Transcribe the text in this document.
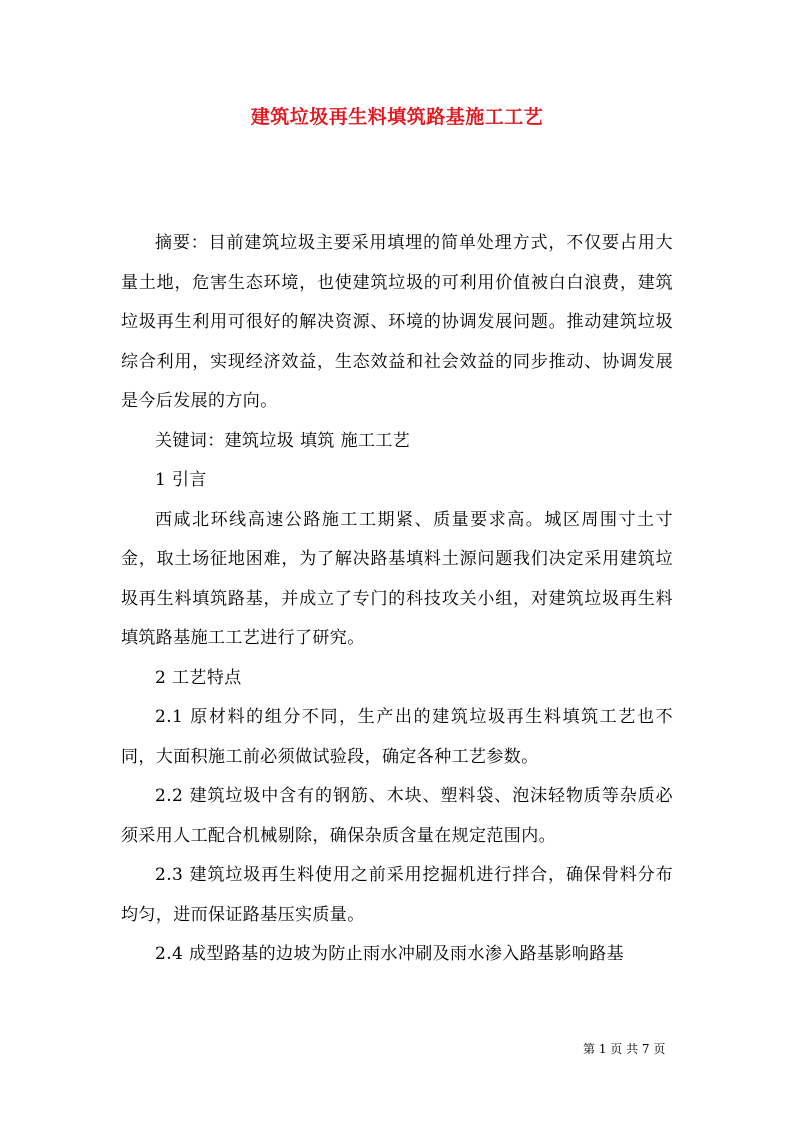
建筑垃圾再生料填筑路基施工工艺

摘要：目前建筑垃圾主要采用填埋的简单处理方式，不仅要占用大量土地，危害生态环境，也使建筑垃圾的可利用价值被白白浪费，建筑垃圾再生利用可很好的解决资源、环境的协调发展问题。推动建筑垃圾综合利用，实现经济效益，生态效益和社会效益的同步推动、协调发展是今后发展的方向。

关键词：建筑垃圾 填筑 施工工艺

1 引言

西咸北环线高速公路施工工期紧、质量要求高。城区周围寸土寸金，取土场征地困难，为了解决路基填料土源问题我们决定采用建筑垃圾再生料填筑路基，并成立了专门的科技攻关小组，对建筑垃圾再生料填筑路基施工工艺进行了研究。

2 工艺特点

2.1 原材料的组分不同，生产出的建筑垃圾再生料填筑工艺也不同，大面积施工前必须做试验段，确定各种工艺参数。

2.2 建筑垃圾中含有的钢筋、木块、塑料袋、泡沫轻物质等杂质必须采用人工配合机械剔除，确保杂质含量在规定范围内。

2.3 建筑垃圾再生料使用之前采用挖掘机进行拌合，确保骨料分布均匀，进而保证路基压实质量。

2.4 成型路基的边坡为防止雨水冲刷及雨水渗入路基影响路基

第 1 页 共 7 页
